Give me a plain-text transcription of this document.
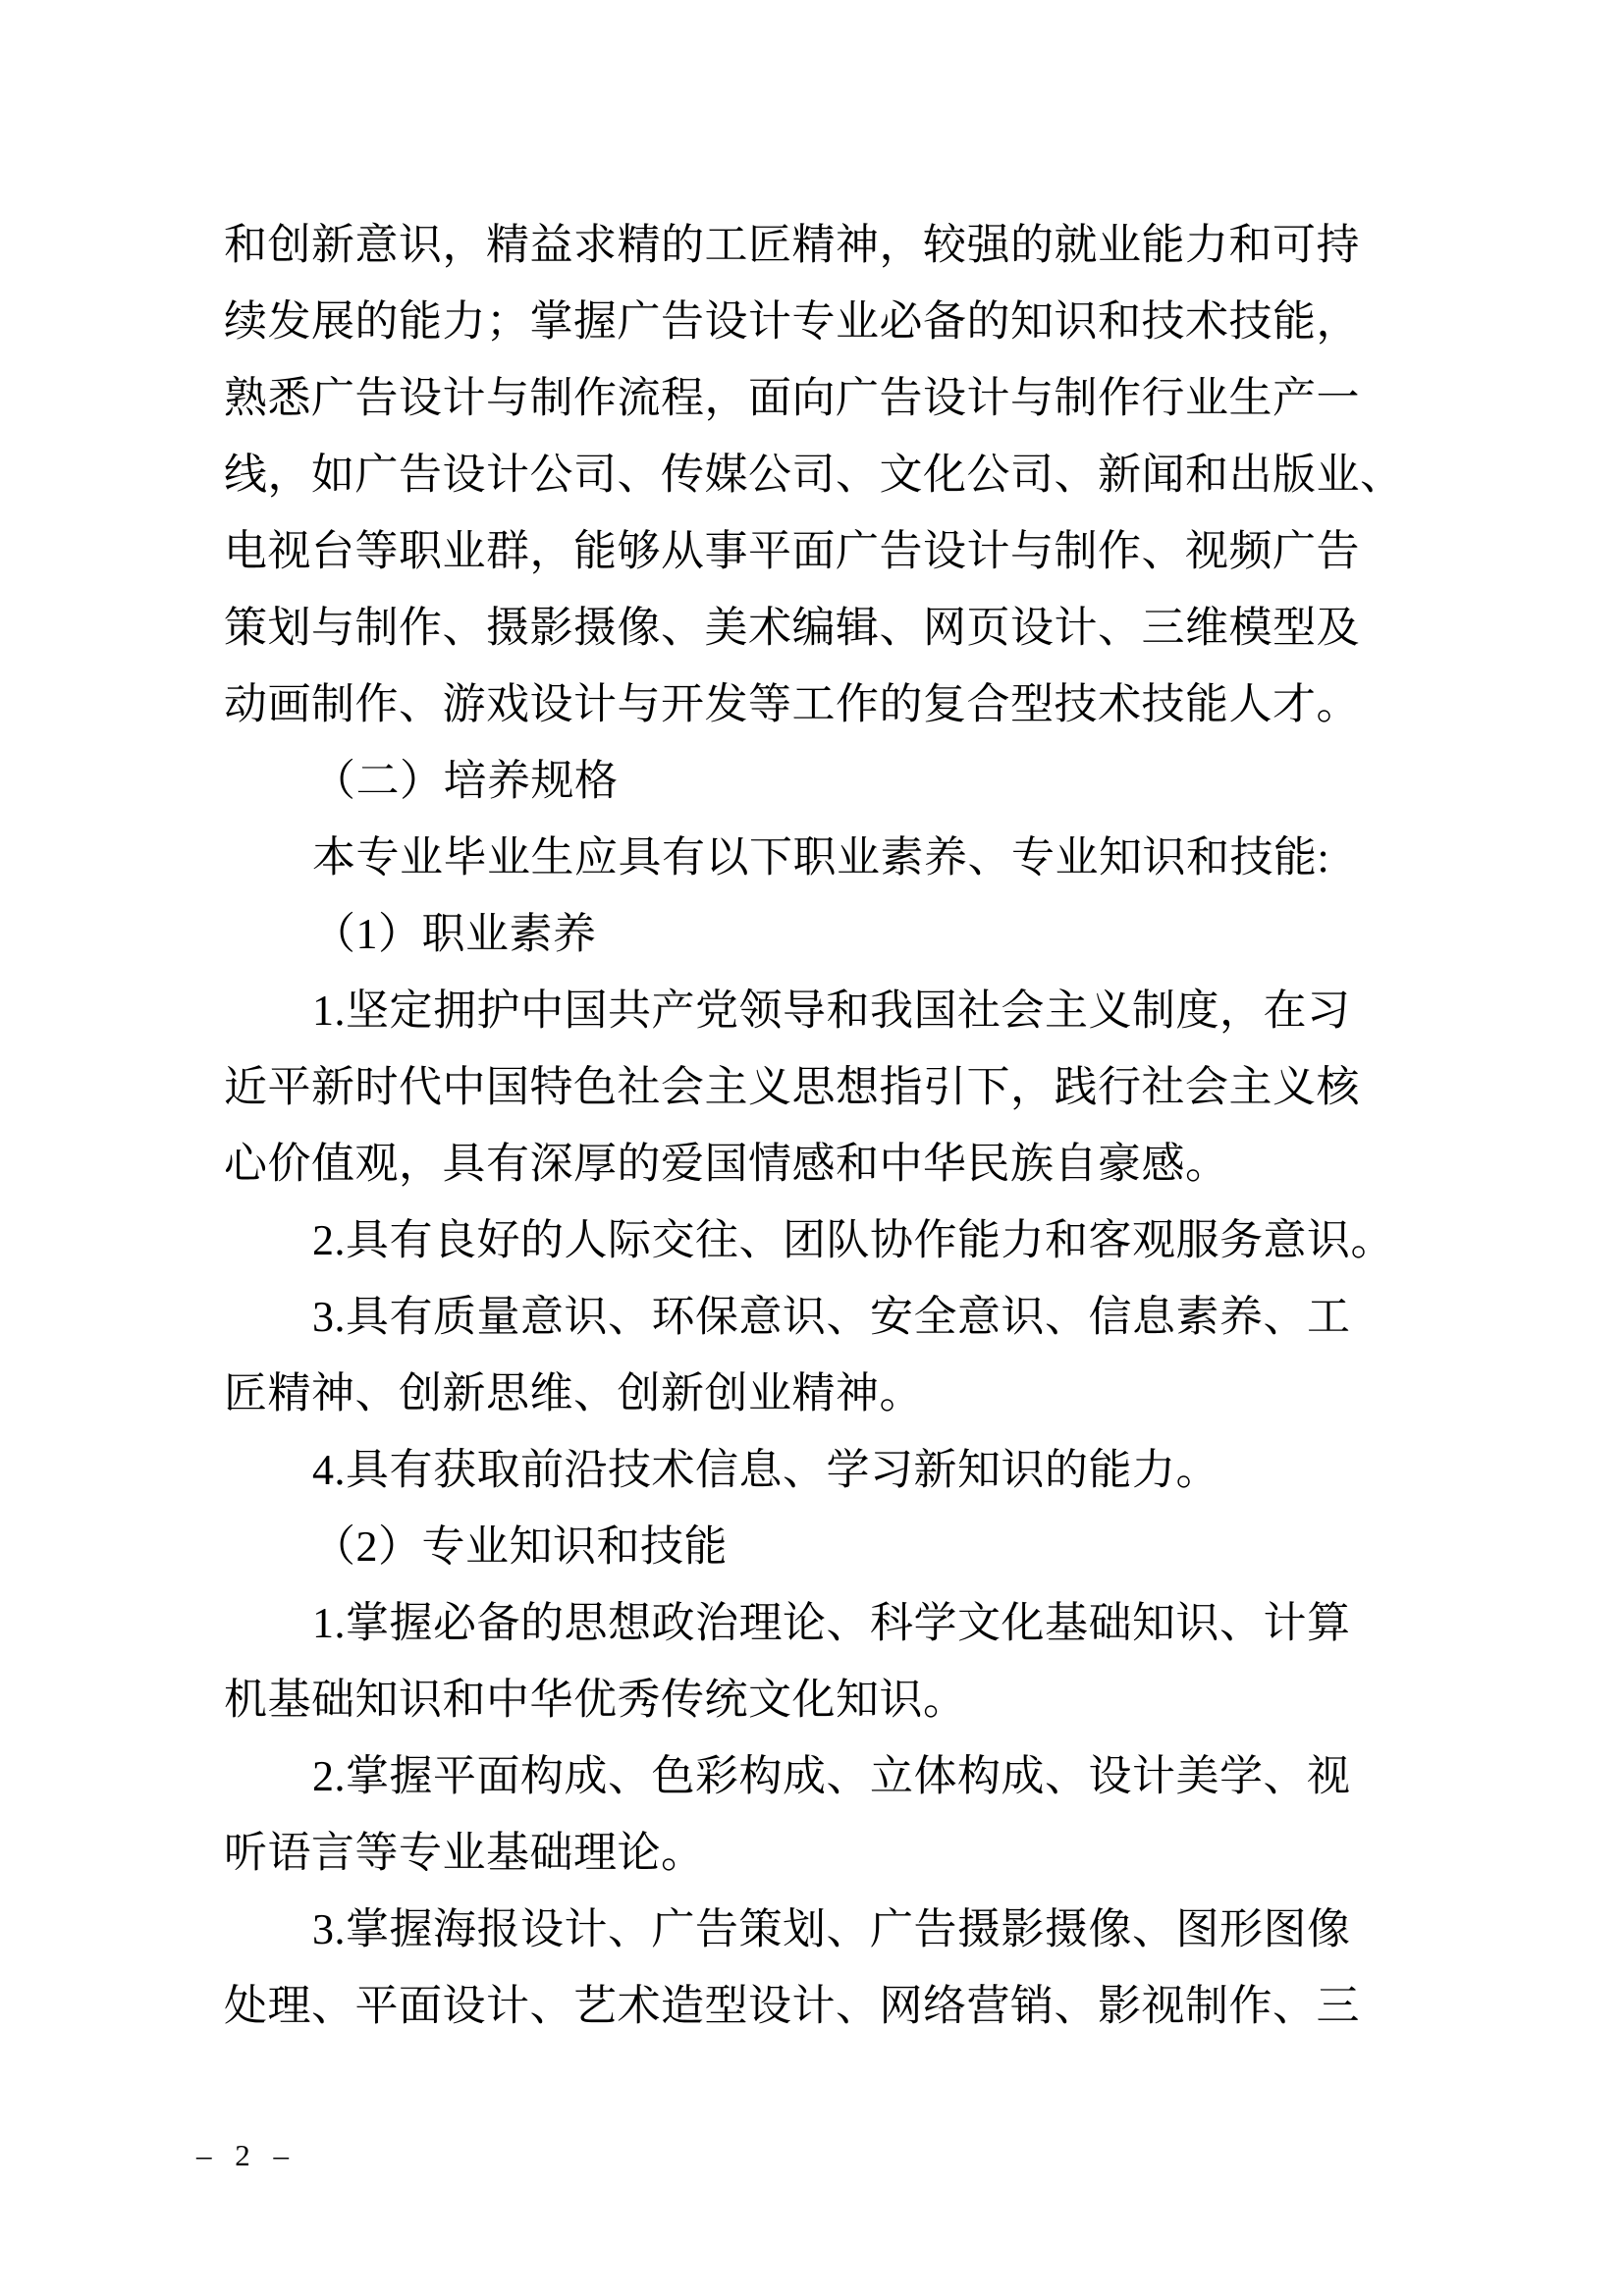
和创新意识，精益求精的工匠精神，较强的就业能力和可持
续发展的能力；掌握广告设计专业必备的知识和技术技能，
熟悉广告设计与制作流程，面向广告设计与制作行业生产一
线，如广告设计公司、传媒公司、文化公司、新闻和出版业、
电视台等职业群，能够从事平面广告设计与制作、视频广告
策划与制作、摄影摄像、美术编辑、网页设计、三维模型及
动画制作、游戏设计与开发等工作的复合型技术技能人才。
（二）培养规格
本专业毕业生应具有以下职业素养、专业知识和技能:
（1）职业素养
1.坚定拥护中国共产党领导和我国社会主义制度，在习
近平新时代中国特色社会主义思想指引下，践行社会主义核
心价值观，具有深厚的爱国情感和中华民族自豪感。
2.具有良好的人际交往、团队协作能力和客观服务意识。
3.具有质量意识、环保意识、安全意识、信息素养、工
匠精神、创新思维、创新创业精神。
4.具有获取前沿技术信息、学习新知识的能力。
（2）专业知识和技能
1.掌握必备的思想政治理论、科学文化基础知识、计算
机基础知识和中华优秀传统文化知识。
2.掌握平面构成、色彩构成、立体构成、设计美学、视
听语言等专业基础理论。
3.掌握海报设计、广告策划、广告摄影摄像、图形图像
处理、平面设计、艺术造型设计、网络营销、影视制作、三
– 2 –
